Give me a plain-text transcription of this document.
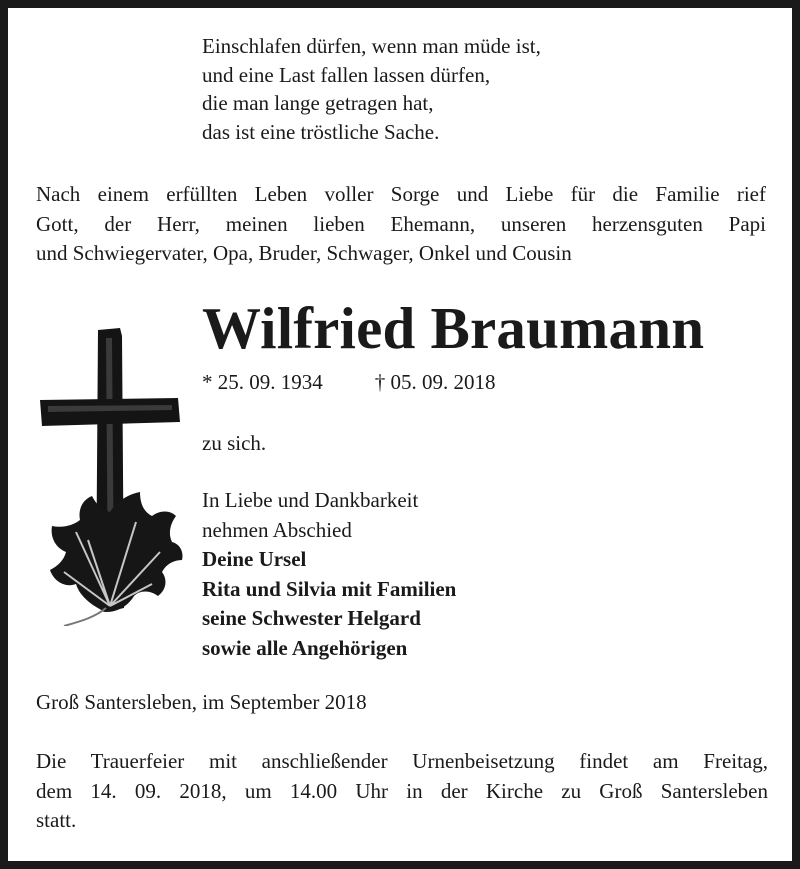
Einschlafen dürfen, wenn man müde ist,
und eine Last fallen lassen dürfen,
die man lange getragen hat,
das ist eine tröstliche Sache.
Nach einem erfüllten Leben voller Sorge und Liebe für die Familie rief
Gott, der Herr, meinen lieben Ehemann, unseren herzensguten Papi
und Schwiegervater, Opa, Bruder, Schwager, Onkel und Cousin
Wilfried Braumann
* 25. 09. 1934 † 05. 09. 2018
zu sich.
In Liebe und Dankbarkeit
nehmen Abschied
Deine Ursel
Rita und Silvia mit Familien
seine Schwester Helgard
sowie alle Angehörigen
Groß Santersleben, im September 2018
Die Trauerfeier mit anschließender Urnenbeisetzung findet am Freitag,
dem 14. 09. 2018, um 14.00 Uhr in der Kirche zu Groß Santersleben
statt.
